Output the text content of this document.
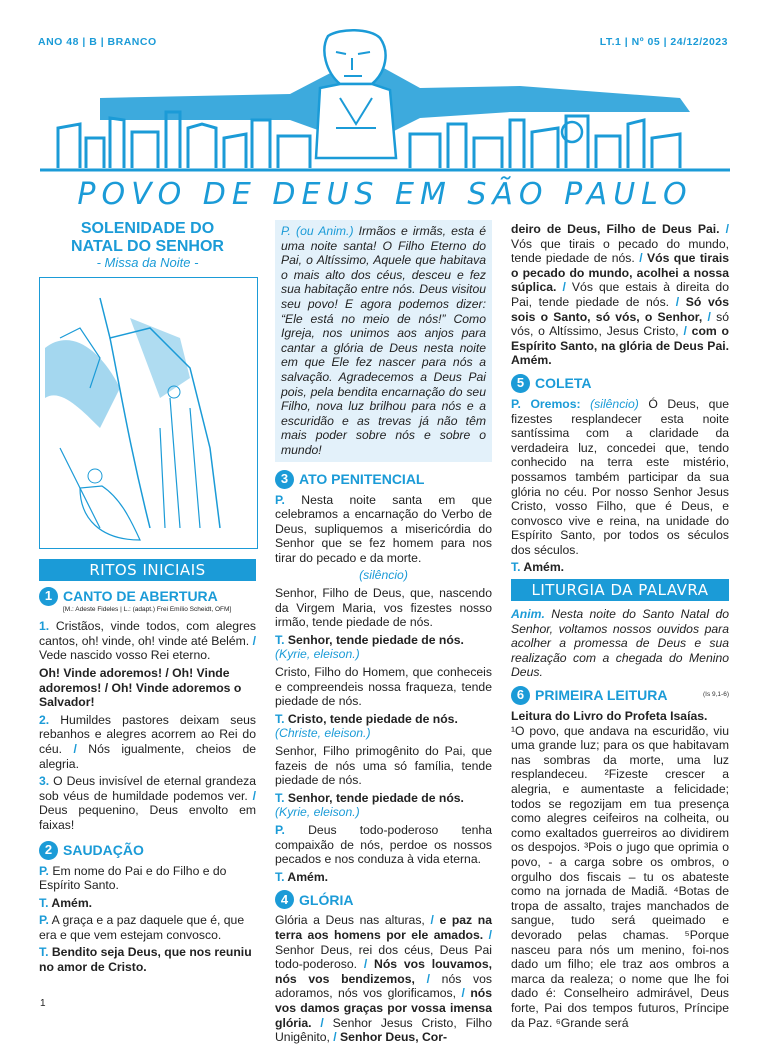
ANO 48 | B | BRANCO	LT.1 | Nº 05 | 24/12/2023
POVO DE DEUS EM SÃO PAULO
SOLENIDADE DO
NATAL DO SENHOR
- Missa da Noite -
RITOS INICIAIS
1 CANTO DE ABERTURA
[M.: Adeste Fideles | L.: (adapt.) Frei Emílio Scheidt, OFM]

1. Cristãos, vinde todos, com alegres cantos, oh! vinde, oh! vinde até Belém. / Vede nascido vosso Rei eterno.

Oh! Vinde adoremos! / Oh! Vinde adoremos! / Oh! Vinde adoremos o Salvador!

2. Humildes pastores deixam seus rebanhos e alegres acorrem ao Rei do céu. / Nós igualmente, cheios de alegria.

3. O Deus invisível de eternal grandeza sob véus de humildade podemos ver. / Deus pequenino, Deus envolto em faixas!

2 SAUDAÇÃO

P. Em nome do Pai e do Filho e do Espírito Santo.

T. Amém.

P. A graça e a paz daquele que é, que era e que vem estejam convosco.

T. Bendito seja Deus, que nos reuniu no amor de Cristo.

P. (ou Anim.) Irmãos e irmãs, esta é uma noite santa! O Filho Eterno do Pai, o Altíssimo, Aquele que habitava o mais alto dos céus, desceu e fez sua habitação entre nós. Deus visitou seu povo! E agora podemos dizer: “Ele está no meio de nós!” Como Igreja, nos unimos aos anjos para cantar a glória de Deus nesta noite em que Ele fez nascer para nós a salvação. Agradecemos a Deus Pai pois, pela bendita encarnação do seu Filho, nova luz brilhou para nós e a escuridão e as trevas já não têm mais poder sobre nós e sobre o mundo!
3 ATO PENITENCIAL

P. Nesta noite santa em que celebramos a encarnação do Verbo de Deus, supliquemos a misericórdia do Senhor que se fez homem para nos tirar do pecado e da morte.

(silêncio)

Senhor, Filho de Deus, que, nascendo da Virgem Maria, vos fizestes nosso irmão, tende piedade de nós.

T. Senhor, tende piedade de nós.

(Kyrie, eleison.)

Cristo, Filho do Homem, que conheceis e compreendeis nossa fraqueza, tende piedade de nós.

T. Cristo, tende piedade de nós.

(Christe, eleison.)

Senhor, Filho primogênito do Pai, que fazeis de nós uma só família, tende piedade de nós.

T. Senhor, tende piedade de nós.

(Kyrie, eleison.)

P. Deus todo-poderoso tenha compaixão de nós, perdoe os nossos pecados e nos conduza à vida eterna.

T. Amém.

4 GLÓRIA

Glória a Deus nas alturas, / e paz na terra aos homens por ele amados. / Senhor Deus, rei dos céus, Deus Pai todo-poderoso. / Nós vos louvamos, nós vos bendizemos, / nós vos adoramos, nós vos glorificamos, / nós vos damos graças por vossa imensa glória. / Senhor Jesus Cristo, Filho Unigênito, / Senhor Deus, Cor-

deiro de Deus, Filho de Deus Pai. / Vós que tirais o pecado do mundo, tende piedade de nós. / Vós que tirais o pecado do mundo, acolhei a nossa súplica. / Vós que estais à direita do Pai, tende piedade de nós. / Só vós sois o Santo, só vós, o Senhor, / só vós, o Altíssimo, Jesus Cristo, / com o Espírito Santo, na glória de Deus Pai. Amém.

5 COLETA

P. Oremos: (silêncio) Ó Deus, que fizestes resplandecer esta noite santíssima com a claridade da verdadeira luz, concedei que, tendo conhecido na terra este mistério, possamos também participar da sua glória no céu. Por nosso Senhor Jesus Cristo, vosso Filho, que é Deus, e convosco vive e reina, na unidade do Espírito Santo, por todos os séculos dos séculos.

T. Amém.

LITURGIA DA PALAVRA

Anim. Nesta noite do Santo Natal do Senhor, voltamos nossos ouvidos para acolher a promessa de Deus e sua realização com a chegada do Menino Deus.

6 PRIMEIRA LEITURA	(Is 9,1-6)

Leitura do Livro do Profeta Isaías.

¹O povo, que andava na escuridão, viu uma grande luz; para os que habitavam nas sombras da morte, uma luz resplandeceu. ²Fizeste crescer a alegria, e aumentaste a felicidade; todos se regozijam em tua presença como alegres ceifeiros na colheita, ou como exaltados guerreiros ao dividirem os despojos. ³Pois o jugo que oprimia o povo, - a carga sobre os ombros, o orgulho dos fiscais – tu os abateste como na jornada de Madiã. ⁴Botas de tropa de assalto, trajes manchados de sangue, tudo será queimado e devorado pelas chamas. ⁵Porque nasceu para nós um menino, foi-nos dado um filho; ele traz aos ombros a marca da realeza; o nome que lhe foi dado é: Conselheiro admirável, Deus forte, Pai dos tempos futuros, Príncipe da Paz. ⁶Grande será

1
